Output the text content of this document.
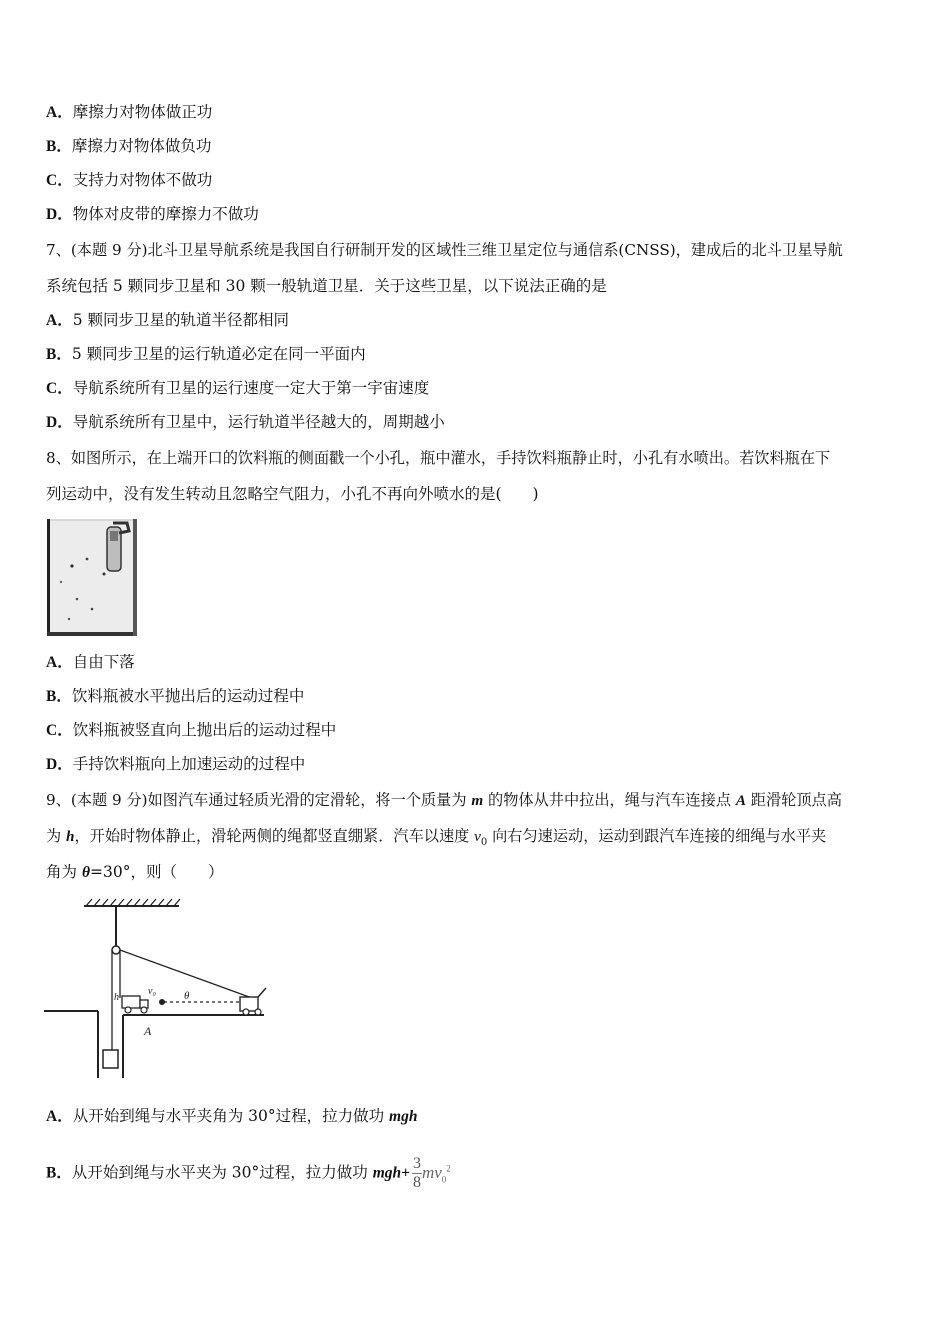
A．摩擦力对物体做正功
B．摩擦力对物体做负功
C．支持力对物体不做功
D．物体对皮带的摩擦力不做功
7、(本题 9 分)北斗卫星导航系统是我国自行研制开发的区域性三维卫星定位与通信系(CNSS)，建成后的北斗卫星导航
系统包括 5 颗同步卫星和 30 颗一般轨道卫星．关于这些卫星，以下说法正确的是
A．5 颗同步卫星的轨道半径都相同
B．5 颗同步卫星的运行轨道必定在同一平面内
C．导航系统所有卫星的运行速度一定大于第一宇宙速度
D．导航系统所有卫星中，运行轨道半径越大的，周期越小
8、如图所示，在上端开口的饮料瓶的侧面戳一个小孔，瓶中灌水，手持饮料瓶静止时，小孔有水喷出。若饮料瓶在下
列运动中，没有发生转动且忽略空气阻力，小孔不再向外喷水的是(　　)
A．自由下落
B．饮料瓶被水平抛出后的运动过程中
C．饮料瓶被竖直向上抛出后的运动过程中
D．手持饮料瓶向上加速运动的过程中
9、(本题 9 分)如图汽车通过轻质光滑的定滑轮，将一个质量为 m 的物体从井中拉出，绳与汽车连接点 A 距滑轮顶点高
为 h，开始时物体静止，滑轮两侧的绳都竖直绷紧．汽车以速度 $v_0$ 向右匀速运动，运动到跟汽车连接的细绳与水平夹
角为 θ=30°，则（　　）
h
v₀	θ
A
A．从开始到绳与水平夹角为 30°过程，拉力做功 mgh
B．从开始到绳与水平夹为 30°过程，拉力做功 $mgh+ \frac{3}{8} mv_0^2$
